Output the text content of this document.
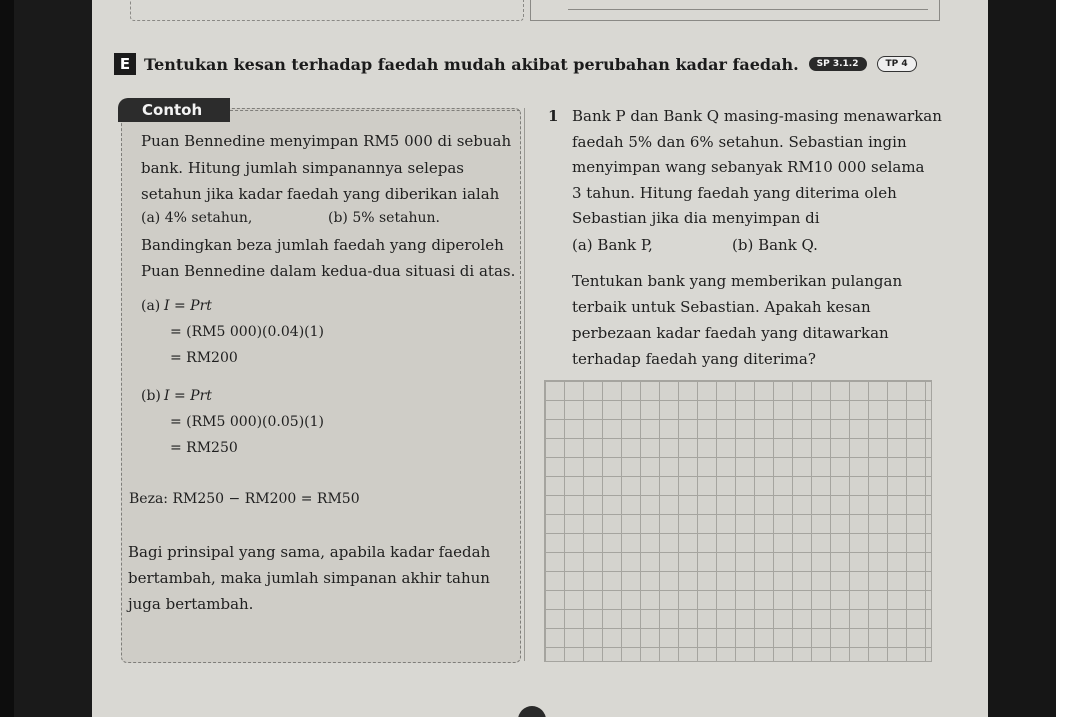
E Tentukan kesan terhadap faedah mudah akibat perubahan kadar faedah.	SP 3.1.2	TP 4
Contoh
Puan Bennedine menyimpan RM5 000 di sebuah
bank. Hitung jumlah simpanannya selepas
setahun jika kadar faedah yang diberikan ialah
(a) 4% setahun,	(b) 5% setahun.
Bandingkan beza jumlah faedah yang diperoleh
Puan Bennedine dalam kedua-dua situasi di atas.
(a) I = Prt
= (RM5 000)(0.04)(1)
= RM200
(b) I = Prt
= (RM5 000)(0.05)(1)
= RM250
Beza: RM250 − RM200 = RM50
Bagi prinsipal yang sama, apabila kadar faedah
bertambah, maka jumlah simpanan akhir tahun
juga bertambah.
1 Bank P dan Bank Q masing-masing menawarkan
faedah 5% dan 6% setahun. Sebastian ingin
menyimpan wang sebanyak RM10 000 selama
3 tahun. Hitung faedah yang diterima oleh
Sebastian jika dia menyimpan di
(a) Bank P,	(b) Bank Q.
Tentukan bank yang memberikan pulangan
terbaik untuk Sebastian. Apakah kesan
perbezaan kadar faedah yang ditawarkan
terhadap faedah yang diterima?
